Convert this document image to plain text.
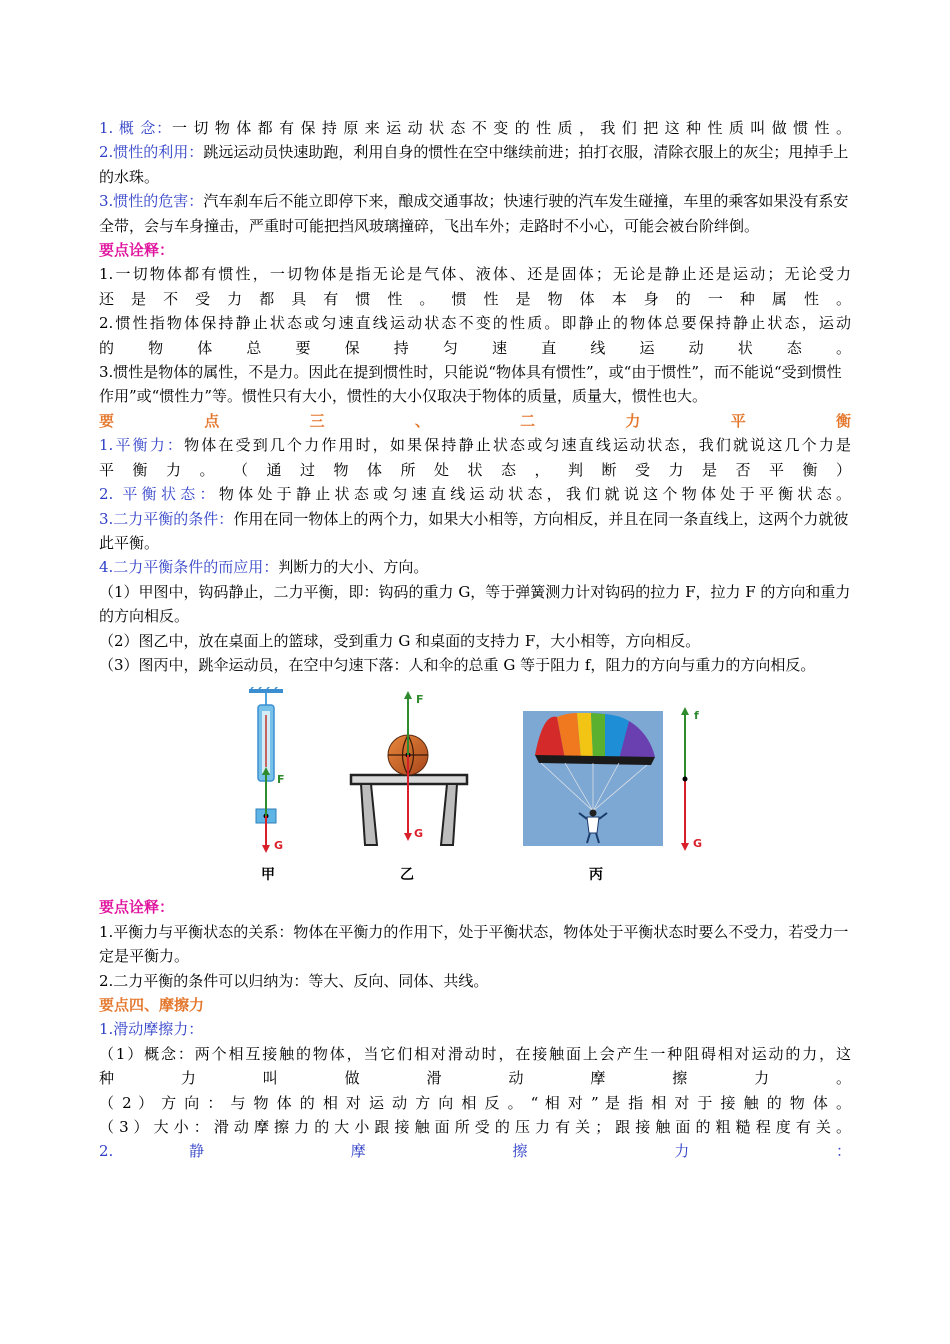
1. 概 念：一 切 物 体 都 有 保 持 原 来 运 动 状 态 不 变 的 性 质 ， 我 们 把 这 种 性 质 叫 做 惯 性 。

2.惯性的利用：跳远运动员快速助跑，利用自身的惯性在空中继续前进；拍打衣服，清除衣服上的灰尘；甩掉手上的水珠。

3.惯性的危害：汽车刹车后不能立即停下来，酿成交通事故；快速行驶的汽车发生碰撞，车里的乘客如果没有系安全带，会与车身撞击，严重时可能把挡风玻璃撞碎，飞出车外；走路时不小心，可能会被台阶绊倒。

要点诠释：

1.一切物体都有惯性，一切物体是指无论是气体、液体、还是固体；无论是静止还是运动；无论受力

还 是 不 受 力 都 具 有 惯 性 。 惯 性 是 物 体 本 身 的 一 种 属 性 。

2.惯性指物体保持静止状态或匀速直线运动状态不变的性质。即静止的物体总要保持静止状态，运动

的 物 体 总 要 保 持 匀 速 直 线 运 动 状 态 。

3.惯性是物体的属性，不是力。因此在提到惯性时，只能说“物体具有惯性”，或“由于惯性”，而不能说“受到惯性作用”或“惯性力”等。惯性只有大小，惯性的大小仅取决于物体的质量，质量大，惯性也大。

要 点 三 、 二 力 平 衡

1.平衡力：物体在受到几个力作用时，如果保持静止状态或匀速直线运动状态，我们就说这几个力是

平 衡 力 。 （ 通 过 物 体 所 处 状 态 ， 判 断 受 力 是 否 平 衡 ）

2. 平衡状态：物体处于静止状态或匀速直线运动状态，我们就说这个物体处于平衡状态。

3.二力平衡的条件：作用在同一物体上的两个力，如果大小相等，方向相反，并且在同一条直线上，这两个力就彼此平衡。

4.二力平衡条件的而应用：判断力的大小、方向。

（1）甲图中，钩码静止，二力平衡，即：钩码的重力 G，等于弹簧测力计对钩码的拉力 F，拉力 F 的方向和重力的方向相反。

（2）图乙中，放在桌面上的篮球，受到重力 G 和桌面的支持力 F，大小相等，方向相反。

（3）图丙中，跳伞运动员，在空中匀速下落：人和伞的总重 G 等于阻力 f，阻力的方向与重力的方向相反。

F
G
F
G
f
G
甲	乙	丙

要点诠释：

1.平衡力与平衡状态的关系：物体在平衡力的作用下，处于平衡状态，物体处于平衡状态时要么不受力，若受力一定是平衡力。

2.二力平衡的条件可以归纳为：等大、反向、同体、共线。

要点四、摩擦力

1.滑动摩擦力：

（1）概念：两个相互接触的物体，当它们相对滑动时，在接触面上会产生一种阻碍相对运动的力，这

种 力 叫 做 滑 动 摩 擦 力 。

（ 2 ） 方 向 ： 与 物 体 的 相 对 运 动 方 向 相 反 。 “ 相 对 ” 是 指 相 对 于 接 触 的 物 体 。

（ 3 ） 大 小 ： 滑 动 摩 擦 力 的 大 小 跟 接 触 面 所 受 的 压 力 有 关 ； 跟 接 触 面 的 粗 糙 程 度 有 关 。

2. 静 摩 擦 力 ：
